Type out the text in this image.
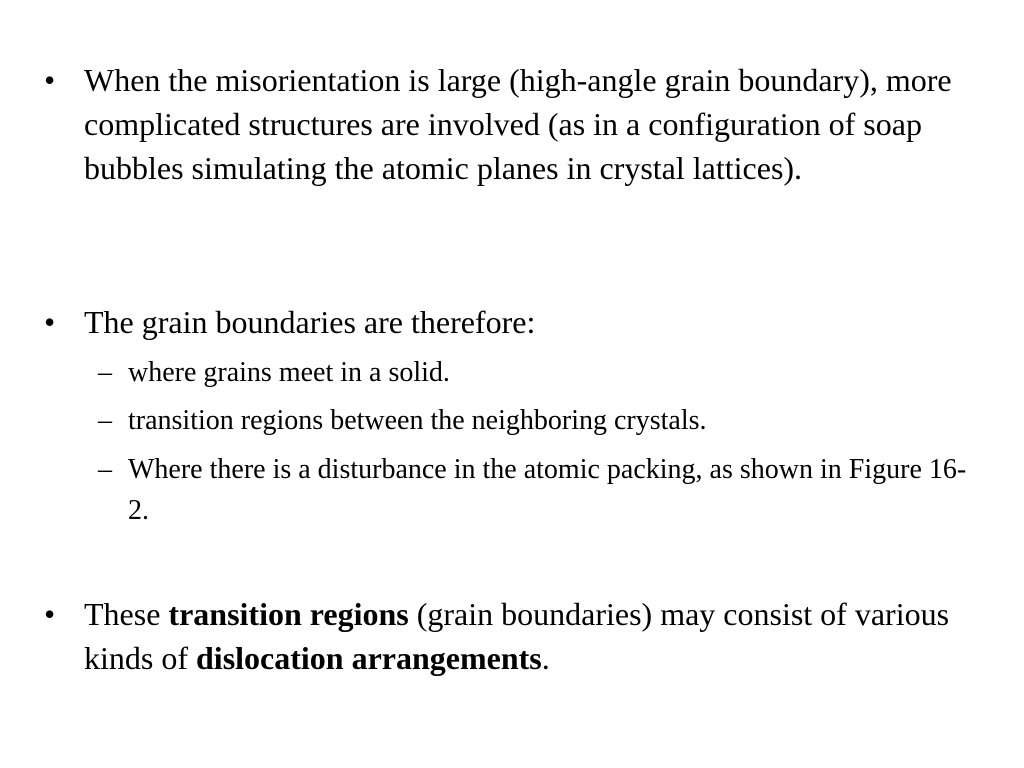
• When the misorientation is large (high-angle grain boundary), more complicated structures are involved (as in a configuration of soap bubbles simulating the atomic planes in crystal lattices).
• The grain boundaries are therefore:
– where grains meet in a solid.
– transition regions between the neighboring crystals.
– Where there is a disturbance in the atomic packing, as shown in Figure 16-2.
• These transition regions (grain boundaries) may consist of various kinds of dislocation arrangements.
